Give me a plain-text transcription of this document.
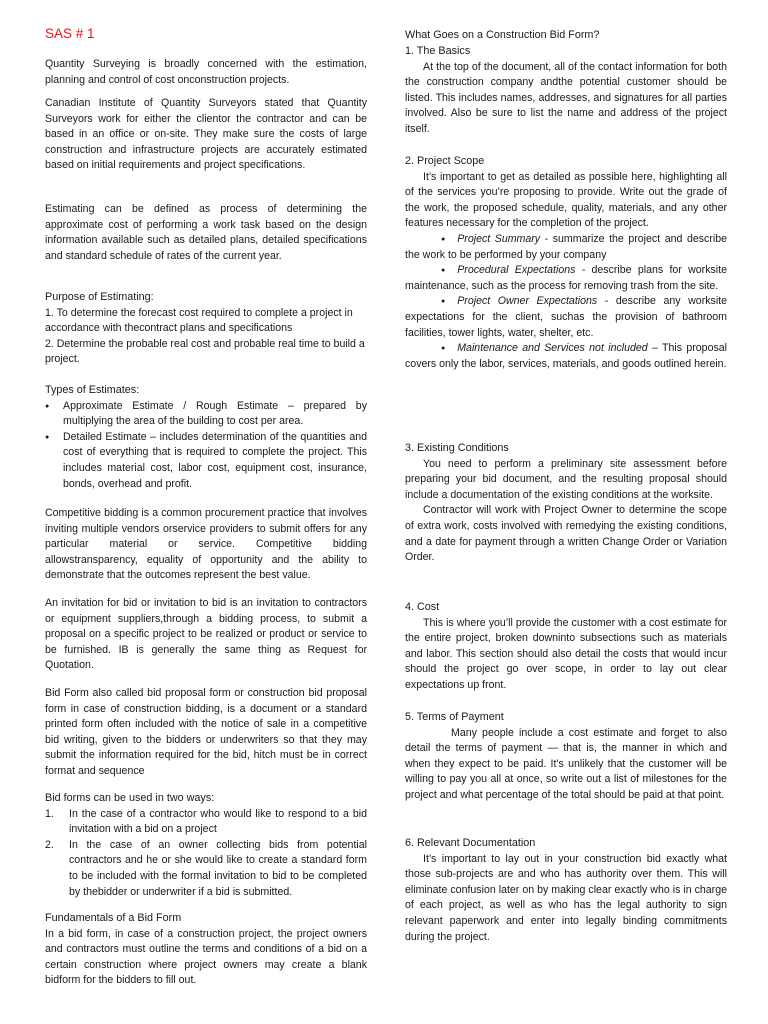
SAS # 1

Quantity Surveying is broadly concerned with the estimation, planning and control of cost onconstruction projects.

Canadian Institute of Quantity Surveyors stated that Quantity Surveyors work for either the clientor the contractor and can be based in an office or on-site. They make sure the costs of large construction and infrastructure projects are accurately estimated based on initial requirements and project specifications.

Estimating can be defined as process of determining the approximate cost of performing a work task based on the design information available such as detailed plans, detailed specifications and standard schedule of rates of the current year.

Purpose of Estimating:

1. To determine the forecast cost required to complete a project in accordance with thecontract plans and specifications

2. Determine the probable real cost and probable real time to build a project.

Types of Estimates:

● Approximate Estimate / Rough Estimate – prepared by multiplying the area of the building to cost per area.

● Detailed Estimate – includes determination of the quantities and cost of everything that is required to complete the project. This includes material cost, labor cost, equipment cost, insurance, bonds, overhead and profit.

Competitive bidding is a common procurement practice that involves inviting multiple vendors orservice providers to submit offers for any particular material or service. Competitive bidding allowstransparency, equality of opportunity and the ability to demonstrate that the outcomes represent the best value.

An invitation for bid or invitation to bid is an invitation to contractors or equipment suppliers,through a bidding process, to submit a proposal on a specific project to be realized or product or service to be furnished. IB is generally the same thing as Request for Quotation.

Bid Form also called bid proposal form or construction bid proposal form in case of construction bidding, is a document or a standard printed form often included with the notice of sale in a competitive bid writing, given to the bidders or underwriters so that they may submit the information required for the bid, hitch must be in correct format and sequence

Bid forms can be used in two ways:

1. In the case of a contractor who would like to respond to a bid invitation with a bid on a project

2. In the case of an owner collecting bids from potential contractors and he or she would like to create a standard form to be included with the formal invitation to bid to be completed by thebidder or underwriter if a bid is submitted.

Fundamentals of a Bid Form

In a bid form, in case of a construction project, the project owners and contractors must outline the terms and conditions of a bid on a certain construction where project owners may create a blank bidform for the bidders to fill out.

What Goes on a Construction Bid Form?

1. The Basics

At the top of the document, all of the contact information for both the construction company andthe potential customer should be listed. This includes names, addresses, and signatures for all parties involved. Also be sure to list the name and address of the project itself.

2. Project Scope

It’s important to get as detailed as possible here, highlighting all of the services you’re proposing to provide. Write out the grade of the work, the proposed schedule, quality, materials, and any other features necessary for the completion of the project.

● Project Summary - summarize the project and describe the work to be performed by your company

● Procedural Expectations - describe plans for worksite maintenance, such as the process for removing trash from the site.

● Project Owner Expectations - describe any worksite expectations for the client, suchas the provision of bathroom facilities, tower lights, water, shelter, etc.

● Maintenance and Services not included – This proposal covers only the labor, services, materials, and goods outlined herein.

3. Existing Conditions

You need to perform a preliminary site assessment before preparing your bid document, and the resulting proposal should include a documentation of the existing conditions at the worksite.

Contractor will work with Project Owner to determine the scope of extra work, costs involved with remedying the existing conditions, and a date for payment through a written Change Order or Variation Order.

4. Cost

This is where you’ll provide the customer with a cost estimate for the entire project, broken downinto subsections such as materials and labor. This section should also detail the costs that would incur should the project go over scope, in order to lay out clear expectations up front.

5. Terms of Payment

Many people include a cost estimate and forget to also detail the terms of payment — that is, the manner in which and when they expect to be paid. It’s unlikely that the customer will be willing to pay you all at once, so write out a list of milestones for the project and what percentage of the total should be paid at that point.

6. Relevant Documentation

It’s important to lay out in your construction bid exactly what those sub-projects are and who has authority over them. This will eliminate confusion later on by making clear exactly who is in charge of each project, as well as who has the legal authority to sign relevant paperwork and enter into legally binding commitments during the project.
